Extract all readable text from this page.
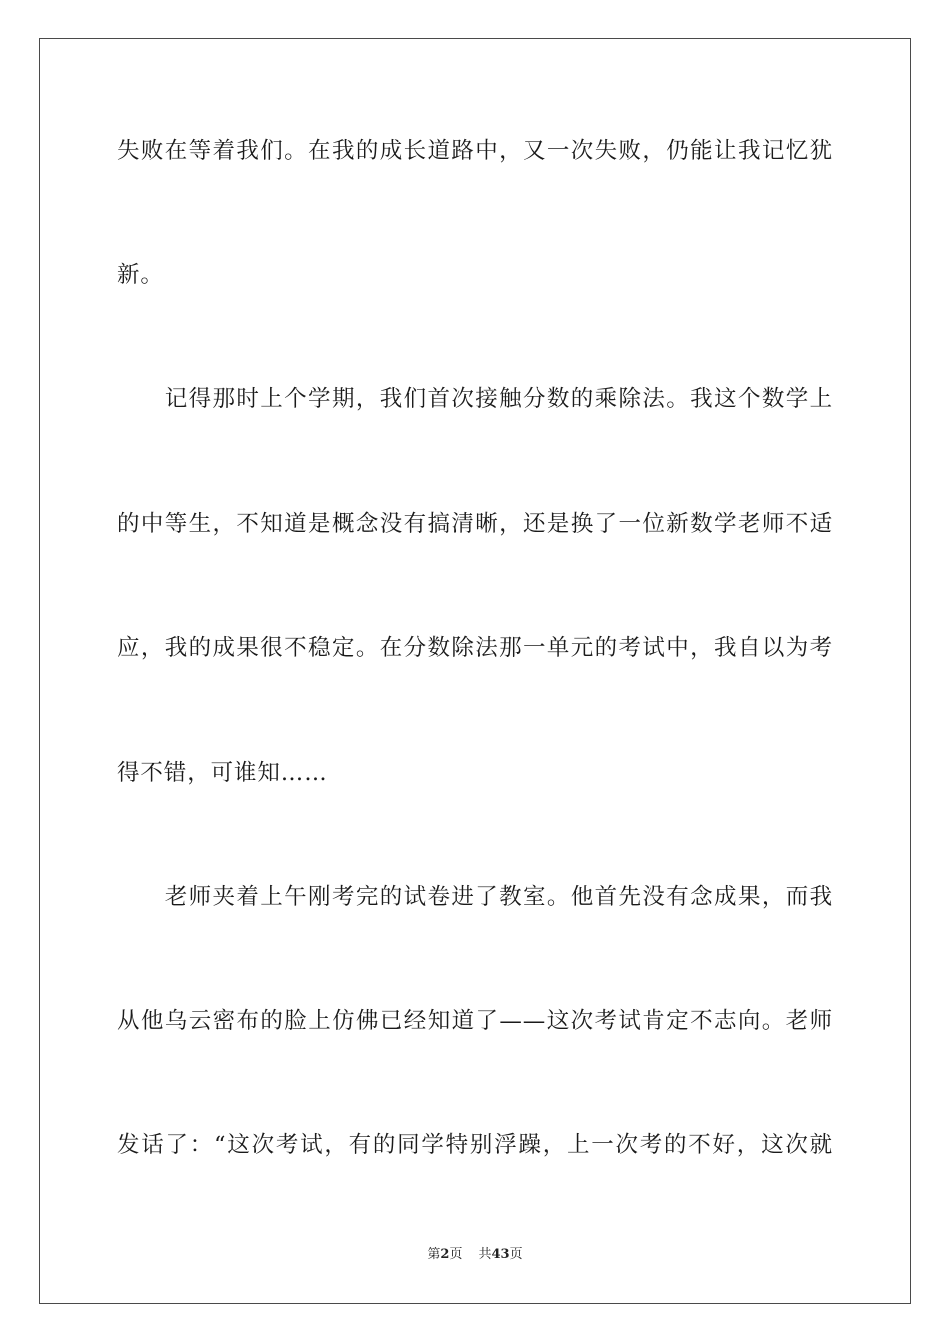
失败在等着我们。在我的成长道路中，又一次失败，仍能让我记忆犹
新。
　　记得那时上个学期，我们首次接触分数的乘除法。我这个数学上
的中等生，不知道是概念没有搞清晰，还是换了一位新数学老师不适
应，我的成果很不稳定。在分数除法那一单元的考试中，我自以为考
得不错，可谁知……
　　老师夹着上午刚考完的试卷进了教室。他首先没有念成果，而我
从他乌云密布的脸上仿佛已经知道了——这次考试肯定不志向。老师
发话了：“这次考试，有的同学特别浮躁，上一次考的不好，这次就
第2页 共43页
